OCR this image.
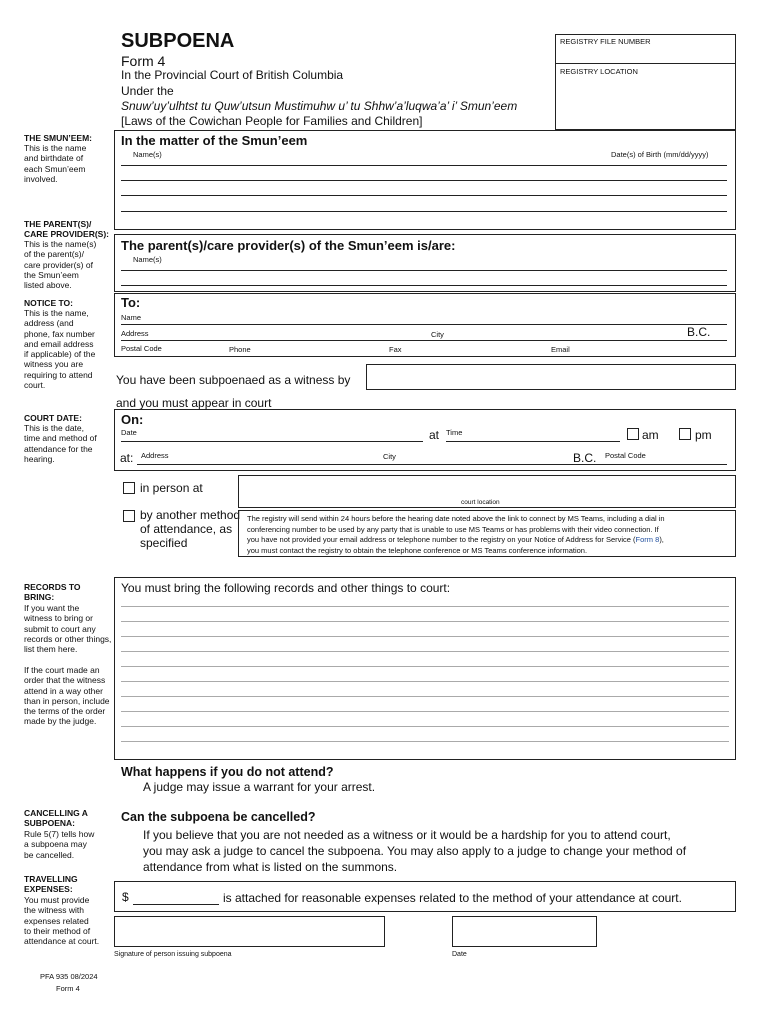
SUBPOENA
Form 4
In the Provincial Court of British Columbia
Under the
Snuw’uy’ulhtst tu Quw’utsun Mustimuhw u’ tu Shhw’a’luqwa’a’ i’ Smun’eem
[Laws of the Cowichan People for Families and Children]
REGISTRY FILE NUMBER
REGISTRY LOCATION
THE SMUN’EEM:
This is the name
and birthdate of
each Smun’eem
involved.
THE PARENT(S)/
CARE PROVIDER(S):
This is the name(s)
of the parent(s)/
care provider(s) of
the Smun’eem
listed above.
NOTICE TO:
This is the name,
address (and
phone, fax number
and email address
if applicable) of the
witness you are
requiring to attend
court.
COURT DATE:
This is the date,
time and method of
attendance for the
hearing.
RECORDS TO
BRING:
If you want the
witness to bring or
submit to court any
records or other things,
list them here.
If the court made an
order that the witness
attend in a way other
than in person, include
the terms of the order
made by the judge.
CANCELLING A
SUBPOENA:
Rule 5(7) tells how
a subpoena may
be cancelled.
TRAVELLING
EXPENSES:
You must provide
the witness with
expenses related
to their method of
attendance at court.
PFA 935 08/2024
Form 4
In the matter of the Smun’eem
Name(s)	Date(s) of Birth (mm/dd/yyyy)
The parent(s)/care provider(s) of the Smun’eem is/are:
Name(s)
To:
Name
Address	City	B.C.
Postal Code	Phone	Fax	Email
You have been subpoenaed as a witness by
and you must appear in court
On:
Date	at Time	am	pm
at: Address	City	B.C. Postal Code
in person at
court location
by another method
of attendance, as
specified
The registry will send within 24 hours before the hearing date noted above the link to connect by MS Teams, including a dial in
conferencing number to be used by any party that is unable to use MS Teams or has problems with their video connection. If
you have not provided your email address or telephone number to the registry on your Notice of Address for Service (Form 8),
you must contact the registry to obtain the telephone conference or MS Teams conference information.
You must bring the following records and other things to court:
What happens if you do not attend?
A judge may issue a warrant for your arrest.
Can the subpoena be cancelled?
If you believe that you are not needed as a witness or it would be a hardship for you to attend court,
you may ask a judge to cancel the subpoena. You may also apply to a judge to change your method of
attendance from what is listed on the summons.
$	is attached for reasonable expenses related to the method of your attendance at court.
Signature of person issuing subpoena	Date
